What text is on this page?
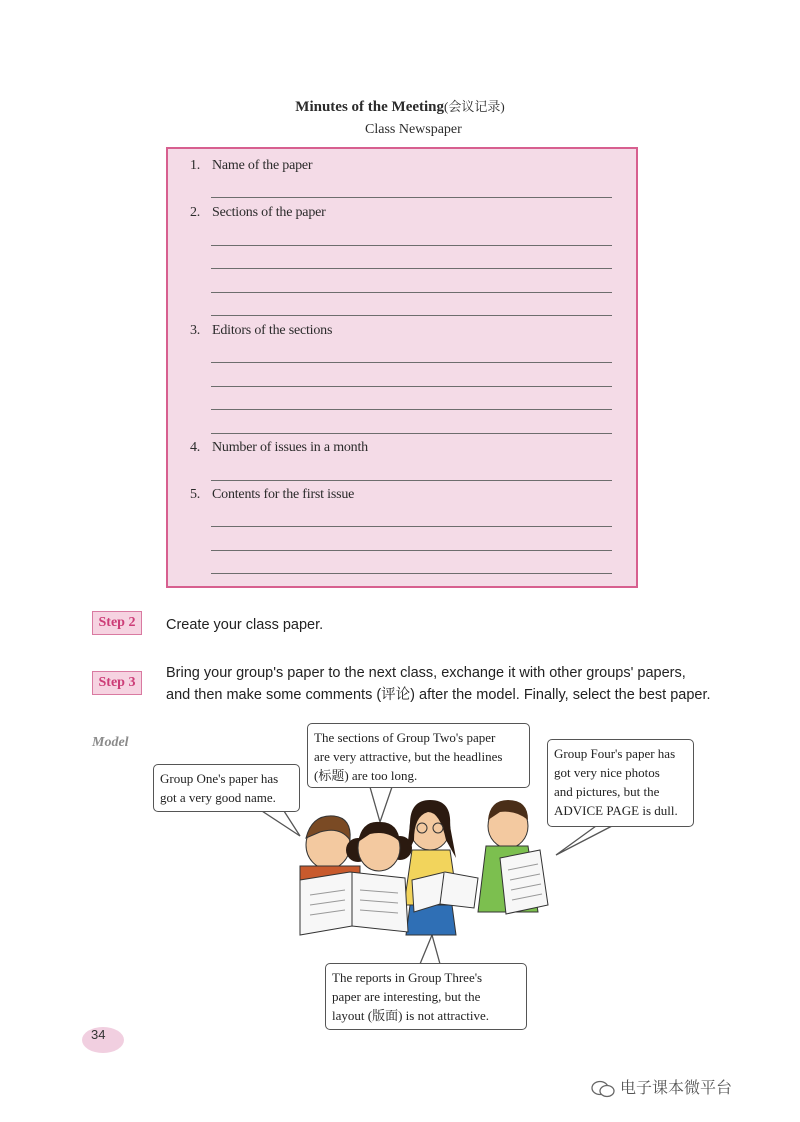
Minutes of the Meeting(会议记录)
Class Newspaper
1. Name of the paper
2. Sections of the paper
3. Editors of the sections
4. Number of issues in a month
5. Contents for the first issue
Step 2	Create your class paper.
Step 3
Bring your group's paper to the next class, exchange it with other groups' papers,
and then make some comments (评论) after the model. Finally, select the best paper.
Model
Group One's paper has
got a very good name.
The sections of Group Two's paper
are very attractive, but the headlines
(标题) are too long.
Group Four's paper has
got very nice photos
and pictures, but the
ADVICE PAGE is dull.
The reports in Group Three's
paper are interesting, but the
layout (版面) is not attractive.
34
电子课本微平台
